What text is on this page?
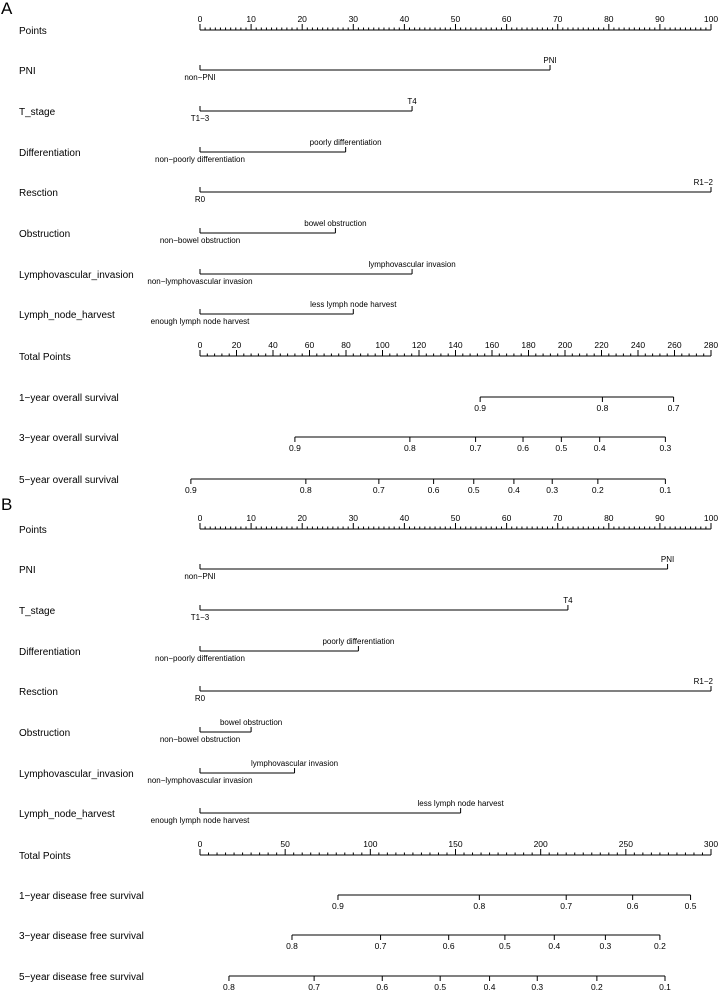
A
Points
0	10	20	30	40	50	60	70	80	90	100
PNI
non−PNI
PNI
T_stage
T1−3
T4
Differentiation
non−poorly differentiation
poorly differentiation
Resction
R0
R1−2
Obstruction
non−bowel obstruction
bowel obstruction
Lymphovascular_invasion
non−lymphovascular invasion
lymphovascular invasion
Lymph_node_harvest
enough lymph node harvest
less lymph node harvest
Total Points
0	20	40	60	80	100	120	140	160	180	200	220	240	260	280
1−year overall survival
0.9	0.8	0.7
3−year overall survival
0.9	0.8	0.7	0.6	0.5	0.4	0.3
5−year overall survival
0.9	0.8	0.7	0.6	0.5	0.4	0.3	0.2	0.1
B
Points
0	10	20	30	40	50	60	70	80	90	100
PNI
non−PNI
PNI
T_stage
T1−3
T4
Differentiation
non−poorly differentiation
poorly differentiation
Resction
R0
R1−2
Obstruction
non−bowel obstruction
bowel obstruction
Lymphovascular_invasion
non−lymphovascular invasion
lymphovascular invasion
Lymph_node_harvest
enough lymph node harvest
less lymph node harvest
Total Points
0	50	100	150	200	250	300
1−year disease free survival
0.9	0.8	0.7	0.6	0.5
3−year disease free survival
0.8	0.7	0.6	0.5	0.4	0.3	0.2
5−year disease free survival
0.8	0.7	0.6	0.5	0.4	0.3	0.2	0.1
